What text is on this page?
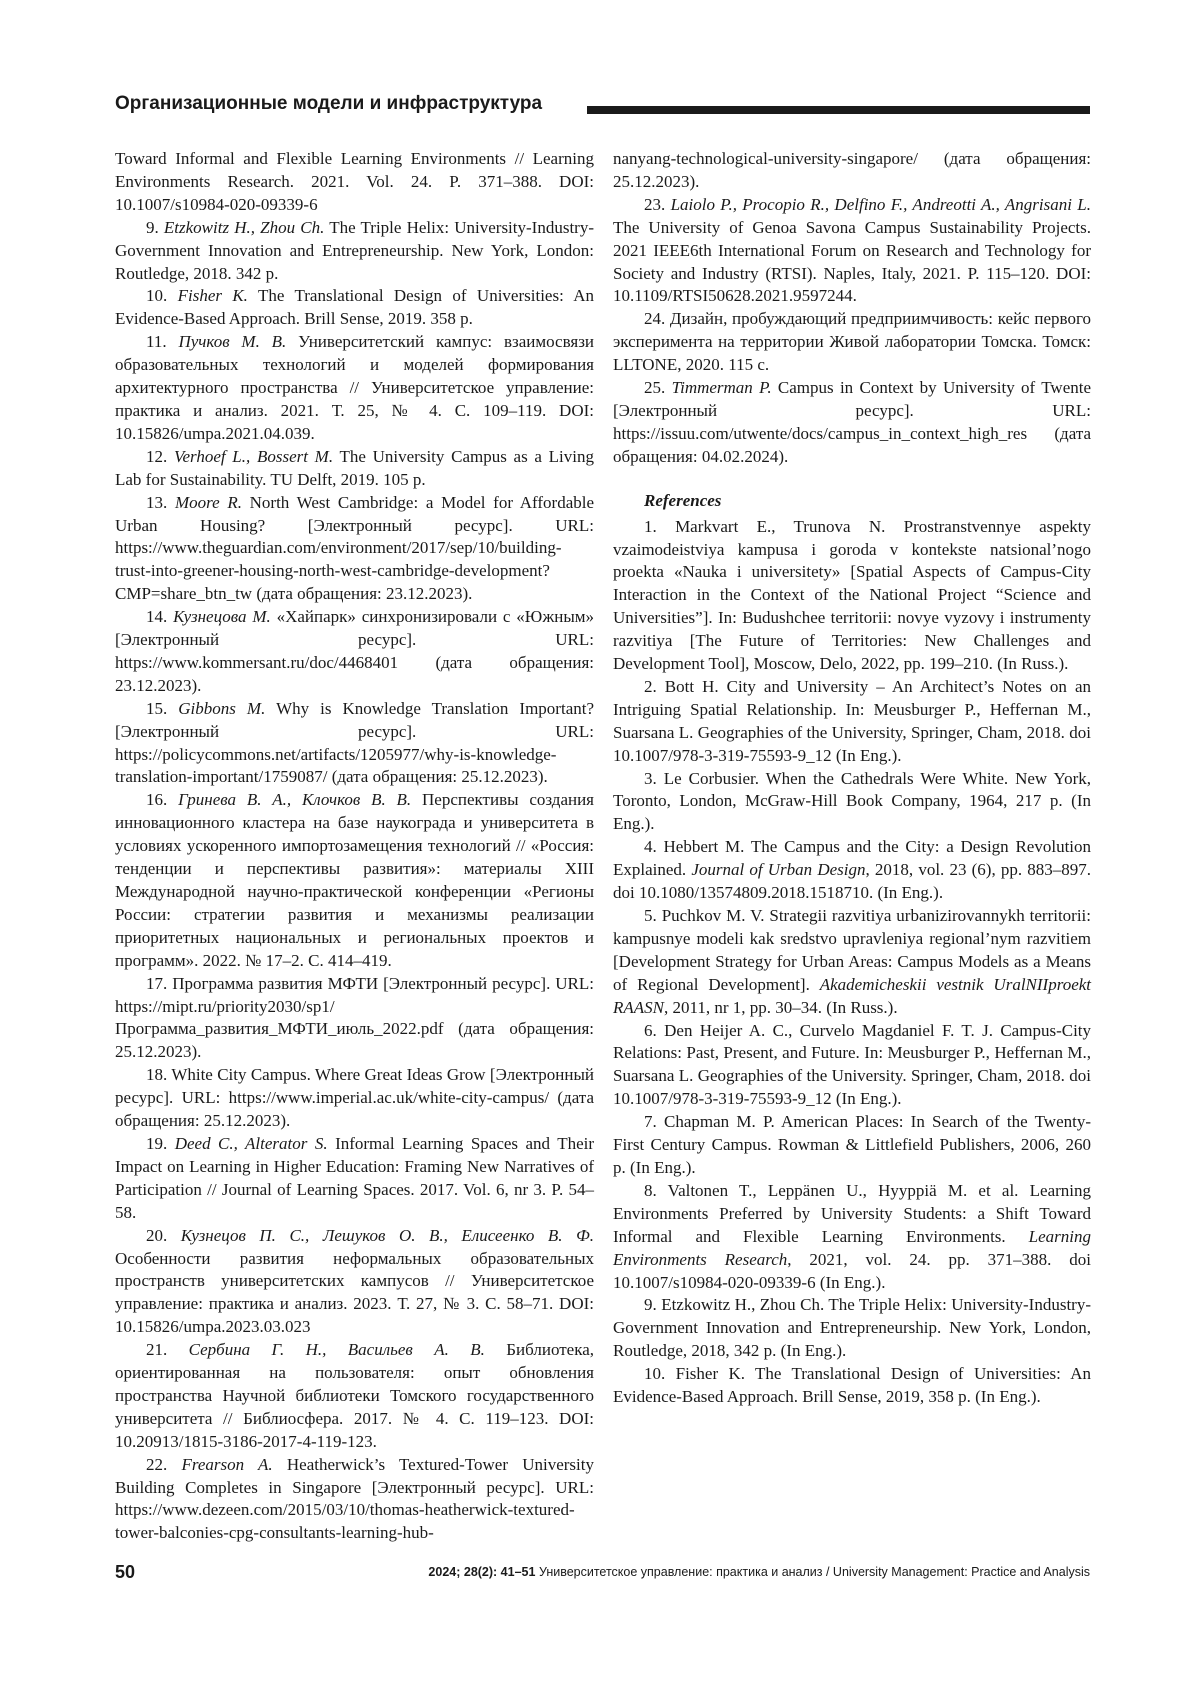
Организационные модели и инфраструктура

Toward Informal and Flexible Learning Environments // Learning Environments Research. 2021. Vol. 24. P. 371–388. DOI: 10.1007/s10984-020-09339-6

9. Etzkowitz H., Zhou Ch. The Triple Helix: University-Industry-Government Innovation and Entrepreneurship. New York, London: Routledge, 2018. 342 p.

10. Fisher K. The Translational Design of Universities: An Evidence-Based Approach. Brill Sense, 2019. 358 p.

11. Пучков М. В. Университетский кампус: взаимосвязи образовательных технологий и моделей формирования архитектурного пространства // Университетское управление: практика и анализ. 2021. Т. 25, № 4. С. 109–119. DOI: 10.15826/umpa.2021.04.039.

12. Verhoef L., Bossert M. The University Campus as a Living Lab for Sustainability. TU Delft, 2019. 105 p.

13. Moore R. North West Cambridge: a Model for Affordable Urban Housing? [Электронный ресурс]. URL: https://www.theguardian.com/environment/2017/sep/10/building-trust-into-greener-housing-north-west-cambridge-development?CMP=share_btn_tw (дата обращения: 23.12.2023).

14. Кузнецова М. «Хайпарк» синхронизировали с «Южным» [Электронный ресурс]. URL: https://www.kommersant.ru/doc/4468401 (дата обращения: 23.12.2023).

15. Gibbons M. Why is Knowledge Translation Important? [Электронный ресурс]. URL: https://policycommons.net/artifacts/1205977/why-is-knowledge-translation-important/1759087/ (дата обращения: 25.12.2023).

16. Гринева В. А., Клочков В. В. Перспективы создания инновационного кластера на базе наукограда и университета в условиях ускоренного импортозамещения технологий // «Россия: тенденции и перспективы развития»: материалы XIII Международной научно-практической конференции «Регионы России: стратегии развития и механизмы реализации приоритетных национальных и региональных проектов и программ». 2022. № 17–2. С. 414–419.

17. Программа развития МФТИ [Электронный ресурс]. URL: https://mipt.ru/priority2030/sp1/Программа_развития_МФТИ_июль_2022.pdf (дата обращения: 25.12.2023).

18. White City Campus. Where Great Ideas Grow [Электронный ресурс]. URL: https://www.imperial.ac.uk/white-city-campus/ (дата обращения: 25.12.2023).

19. Deed C., Alterator S. Informal Learning Spaces and Their Impact on Learning in Higher Education: Framing New Narratives of Participation // Journal of Learning Spaces. 2017. Vol. 6, nr 3. P. 54–58.

20. Кузнецов П. С., Лешуков О. В., Елисеенко В. Ф. Особенности развития неформальных образовательных пространств университетских кампусов // Университетское управление: практика и анализ. 2023. Т. 27, № 3. С. 58–71. DOI: 10.15826/umpa.2023.03.023

21. Сербина Г. Н., Васильев А. В. Библиотека, ориентированная на пользователя: опыт обновления пространства Научной библиотеки Томского государственного университета // Библиосфера. 2017. № 4. С. 119–123. DOI: 10.20913/1815-3186-2017-4-119-123.

22. Frearson A. Heatherwick’s Textured-Tower University Building Completes in Singapore [Электронный ресурс]. URL: https://www.dezeen.com/2015/03/10/thomas-heatherwick-textured-tower-balconies-cpg-consultants-learning-hub-

nanyang-technological-university-singapore/ (дата обращения: 25.12.2023).

23. Laiolo P., Procopio R., Delfino F., Andreotti A., Angrisani L. The University of Genoa Savona Campus Sustainability Projects. 2021 IEEE6th International Forum on Research and Technology for Society and Industry (RTSI). Naples, Italy, 2021. P. 115–120. DOI: 10.1109/RTSI50628.2021.9597244.

24. Дизайн, пробуждающий предприимчивость: кейс первого эксперимента на территории Живой лаборатории Томска. Томск: LLTONE, 2020. 115 с.

25. Timmerman P. Campus in Context by University of Twente [Электронный ресурс]. URL: https://issuu.com/utwente/docs/campus_in_context_high_res (дата обращения: 04.02.2024).

References

1. Markvart E., Trunova N. Prostranstvennye aspekty vzaimodeistviya kampusa i goroda v kontekste natsional’nogo proekta «Nauka i universitety» [Spatial Aspects of Campus-City Interaction in the Context of the National Project “Science and Universities”]. In: Budushchee territorii: novye vyzovy i instrumenty razvitiya [The Future of Territories: New Challenges and Development Tool], Moscow, Delo, 2022, pp. 199–210. (In Russ.).

2. Bott H. City and University – An Architect’s Notes on an Intriguing Spatial Relationship. In: Meusburger P., Heffernan M., Suarsana L. Geographies of the University, Springer, Cham, 2018. doi 10.1007/978-3-319-75593-9_12 (In Eng.).

3. Le Corbusier. When the Cathedrals Were White. New York, Toronto, London, McGraw-Hill Book Company, 1964, 217 p. (In Eng.).

4. Hebbert M. The Campus and the City: a Design Revolution Explained. Journal of Urban Design, 2018, vol. 23 (6), pp. 883–897. doi 10.1080/13574809.2018.1518710. (In Eng.).

5. Puchkov M. V. Strategii razvitiya urbanizirovannykh territorii: kampusnye modeli kak sredstvo upravleniya regional’nym razvitiem [Development Strategy for Urban Areas: Campus Models as a Means of Regional Development]. Akademicheskii vestnik UralNIIproekt RAASN, 2011, nr 1, pp. 30–34. (In Russ.).

6. Den Heijer A. C., Curvelo Magdaniel F. T. J. Campus-City Relations: Past, Present, and Future. In: Meusburger P., Heffernan M., Suarsana L. Geographies of the University. Springer, Cham, 2018. doi 10.1007/978-3-319-75593-9_12 (In Eng.).

7. Chapman M. P. American Places: In Search of the Twenty-First Century Campus. Rowman & Littlefield Publishers, 2006, 260 p. (In Eng.).

8. Valtonen T., Leppänen U., Hyyppiä M. et al. Learning Environments Preferred by University Students: a Shift Toward Informal and Flexible Learning Environments. Learning Environments Research, 2021, vol. 24. pp. 371–388. doi 10.1007/s10984-020-09339-6 (In Eng.).

9. Etzkowitz H., Zhou Ch. The Triple Helix: University-Industry-Government Innovation and Entrepreneurship. New York, London, Routledge, 2018, 342 p. (In Eng.).

10. Fisher K. The Translational Design of Universities: An Evidence-Based Approach. Brill Sense, 2019, 358 p. (In Eng.).

50	2024; 28(2): 41–51 Университетское управление: практика и анализ / University Management: Practice and Analysis
